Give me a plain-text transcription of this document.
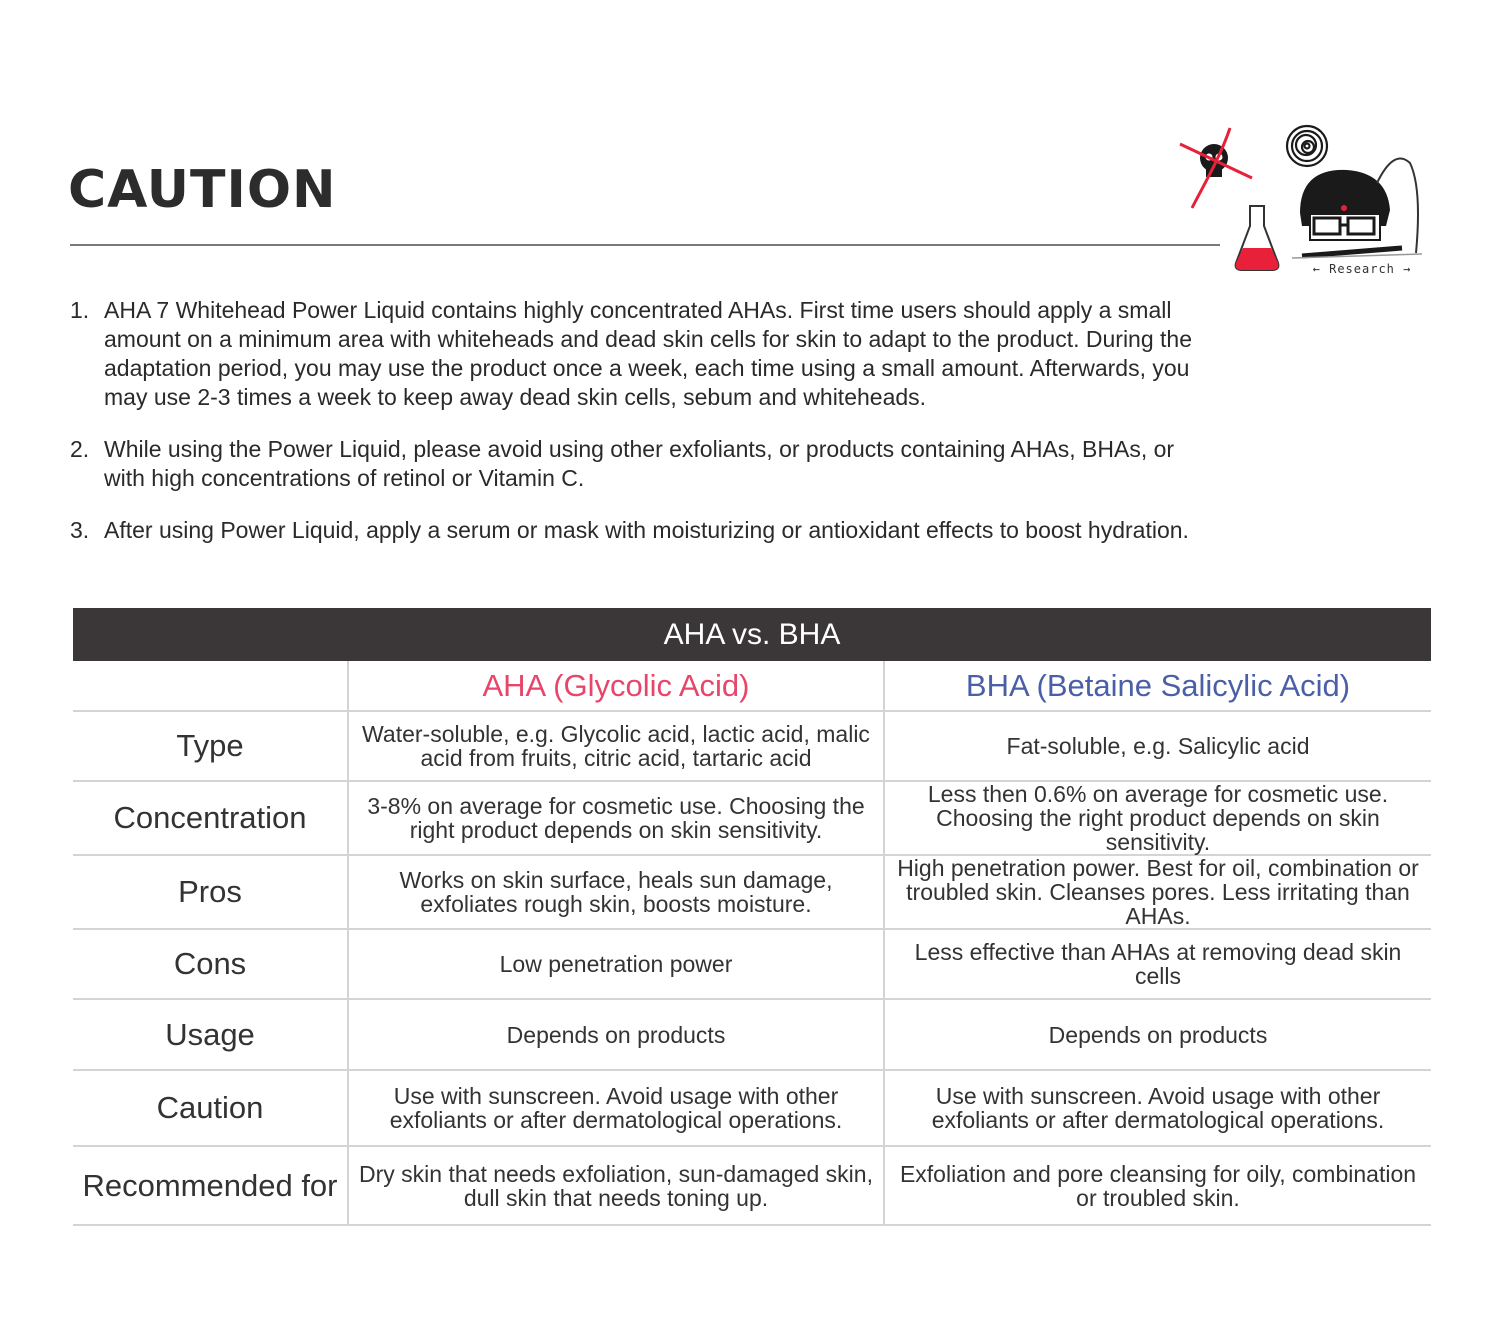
CAUTION
← Research →
1. AHA 7 Whitehead Power Liquid contains highly concentrated AHAs. First time users should apply a small amount on a minimum area with whiteheads and dead skin cells for skin to adapt to the product. During the adaptation period, you may use the product once a week, each time using a small amount. Afterwards, you may use 2-3 times a week to keep away dead skin cells, sebum and whiteheads.
2. While using the Power Liquid, please avoid using other exfoliants, or products containing AHAs, BHAs, or with high concentrations of retinol or Vitamin C.
3. After using Power Liquid, apply a serum or mask with moisturizing or antioxidant effects to boost hydration.
AHA vs. BHA		
	AHA (Glycolic Acid)	BHA (Betaine Salicylic Acid)
Type	Water-soluble, e.g. Glycolic acid, lactic acid, malic acid from fruits, citric acid, tartaric acid	Fat-soluble, e.g. Salicylic acid
Concentration	3-8% on average for cosmetic use. Choosing the right product depends on skin sensitivity.	Less then 0.6% on average for cosmetic use. Choosing the right product depends on skin sensitivity.
Pros	Works on skin surface, heals sun damage, exfoliates rough skin, boosts moisture.	High penetration power. Best for oil, combination or troubled skin. Cleanses pores. Less irritating than AHAs.
Cons	Low penetration power	Less effective than AHAs at removing dead skin cells
Usage	Depends on products	Depends on products
Caution	Use with sunscreen. Avoid usage with other exfoliants or after dermatological operations.	Use with sunscreen. Avoid usage with other exfoliants or after dermatological operations.
Recommended for	Dry skin that needs exfoliation, sun-damaged skin, dull skin that needs toning up.	Exfoliation and pore cleansing for oily, combination or troubled skin.
